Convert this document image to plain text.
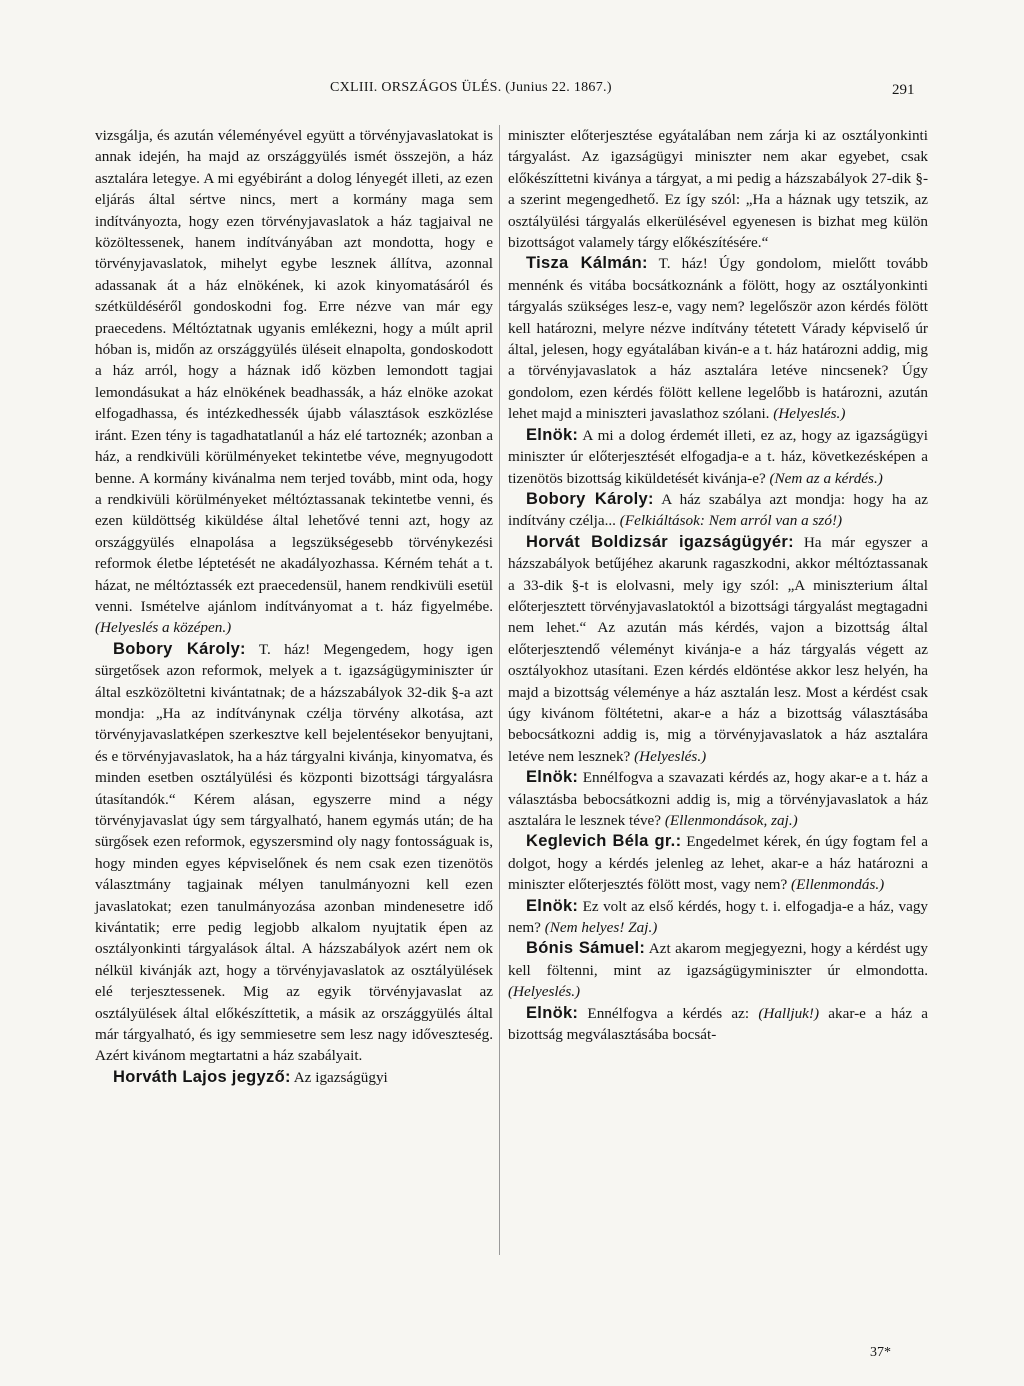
CXLIII. ORSZÁGOS ÜLÉS. (Junius 22. 1867.)	291

vizsgálja, és azután véleményével együtt a törvényjavaslatokat is annak idején, ha majd az országgyülés ismét összejön, a ház asztalára letegye. A mi egyébiránt a dolog lényegét illeti, az ezen eljárás által sértve nincs, mert a kormány maga sem indítványozta, hogy ezen törvényjavaslatok a ház tagjaival ne közöltessenek, hanem indítványában azt mondotta, hogy e törvényjavaslatok, mihelyt egybe lesznek állítva, azonnal adassanak át a ház elnökének, ki azok kinyomatásáról és szétküldéséről gondoskodni fog. Erre nézve van már egy praecedens. Méltóztatnak ugyanis emlékezni, hogy a múlt april hóban is, midőn az országgyülés üléseit elnapolta, gondoskodott a ház arról, hogy a háznak idő közben lemondott tagjai lemondásukat a ház elnökének beadhassák, a ház elnöke azokat elfogadhassa, és intézkedhessék újabb választások eszközlése iránt. Ezen tény is tagadhatatlanúl a ház elé tartoznék; azonban a ház, a rendkivüli körülményeket tekintetbe véve, megnyugodott benne. A kormány kivánalma nem terjed tovább, mint oda, hogy a rendkivüli körülményeket méltóztassanak tekintetbe venni, és ezen küldöttség kiküldése által lehetővé tenni azt, hogy az országgyülés elnapolása a legszükségesebb törvénykezési reformok életbe léptetését ne akadályozhassa. Kérném tehát a t. házat, ne méltóztassék ezt praecedensül, hanem rendkivüli esetül venni. Ismételve ajánlom indítványomat a t. ház figyelmébe. (Helyeslés a középen.)

Bobory Károly: T. ház! Megengedem, hogy igen sürgetősek azon reformok, melyek a t. igazságügyminiszter úr által eszközöltetni kivántatnak; de a házszabályok 32-dik §-a azt mondja: „Ha az indítványnak czélja törvény alkotása, azt törvényjavaslatképen szerkesztve kell bejelentésekor benyujtani, és e törvényjavaslatok, ha a ház tárgyalni kivánja, kinyomatva, és minden esetben osztályülési és központi bizottsági tárgyalásra útasítandók.“ Kérem alásan, egyszerre mind a négy törvényjavaslat úgy sem tárgyalható, hanem egymás után; de ha sürgősek ezen reformok, egyszersmind oly nagy fontosságuak is, hogy minden egyes képviselőnek és nem csak ezen tizenötös választmány tagjainak mélyen tanulmányozni kell ezen javaslatokat; ezen tanulmányozása azonban mindenesetre idő kivántatik; erre pedig legjobb alkalom nyujtatik épen az osztályonkinti tárgyalások által. A házszabályok azért nem ok nélkül kivánják azt, hogy a törvényjavaslatok az osztályülések elé terjesztessenek. Mig az egyik törvényjavaslat az osztályülések által előkészíttetik, a másik az országgyülés által már tárgyalható, és igy semmiesetre sem lesz nagy időveszteség. Azért kivánom megtartatni a ház szabályait.

Horváth Lajos jegyző: Az igazságügyi

miniszter előterjesztése egyátalában nem zárja ki az osztályonkinti tárgyalást. Az igazságügyi miniszter nem akar egyebet, csak előkészíttetni kiványa a tárgyat, a mi pedig a házszabályok 27-dik §-a szerint megengedhető. Ez így szól: „Ha a háznak ugy tetszik, az osztályülési tárgyalás elkerülésével egyenesen is bizhat meg külön bizottságot valamely tárgy előkészítésére.“

Tisza Kálmán: T. ház! Úgy gondolom, mielőtt tovább mennénk és vitába bocsátkoznánk a fölött, hogy az osztályonkinti tárgyalás szükséges lesz-e, vagy nem? legelőször azon kérdés fölött kell határozni, melyre nézve indítvány tétetett Várady képviselő úr által, jelesen, hogy egyátalában kiván-e a t. ház határozni addig, mig a törvényjavaslatok a ház asztalára letéve nincsenek? Úgy gondolom, ezen kérdés fölött kellene legelőbb is határozni, azután lehet majd a miniszteri javaslathoz szólani. (Helyeslés.)

Elnök: A mi a dolog érdemét illeti, ez az, hogy az igazságügyi miniszter úr előterjesztését elfogadja-e a t. ház, következésképen a tizenötös bizottság kiküldetését kivánja-e? (Nem az a kérdés.)

Bobory Károly: A ház szabálya azt mondja: hogy ha az indítvány czélja... (Felkiáltások: Nem arról van a szó!)

Horvát Boldizsár igazságügyér: Ha már egyszer a házszabályok betűjéhez akarunk ragaszkodni, akkor méltóztassanak a 33-dik §-t is elolvasni, mely igy szól: „A miniszterium által előterjesztett törvényjavaslatoktól a bizottsági tárgyalást megtagadni nem lehet.“ Az azután más kérdés, vajon a bizottság által előterjesztendő véleményt kivánja-e a ház tárgyalás végett az osztályokhoz utasítani. Ezen kérdés eldöntése akkor lesz helyén, ha majd a bizottság véleménye a ház asztalán lesz. Most a kérdést csak úgy kivánom föltétetni, akar-e a ház a bizottság választásába bebocsátkozni addig is, mig a törvényjavaslatok a ház asztalára letéve nem lesznek? (Helyeslés.)

Elnök: Ennélfogva a szavazati kérdés az, hogy akar-e a t. ház a választásba bebocsátkozni addig is, mig a törvényjavaslatok a ház asztalára le lesznek téve? (Ellenmondások, zaj.)

Keglevich Béla gr.: Engedelmet kérek, én úgy fogtam fel a dolgot, hogy a kérdés jelenleg az lehet, akar-e a ház határozni a miniszter előterjesztés fölött most, vagy nem? (Ellenmondás.)

Elnök: Ez volt az első kérdés, hogy t. i. elfogadja-e a ház, vagy nem? (Nem helyes! Zaj.)

Bónis Sámuel: Azt akarom megjegyezni, hogy a kérdést ugy kell föltenni, mint az igazságügyminiszter úr elmondotta. (Helyeslés.)

Elnök: Ennélfogva a kérdés az: (Halljuk!) akar-e a ház a bizottság megválasztásába bocsát-

37*
